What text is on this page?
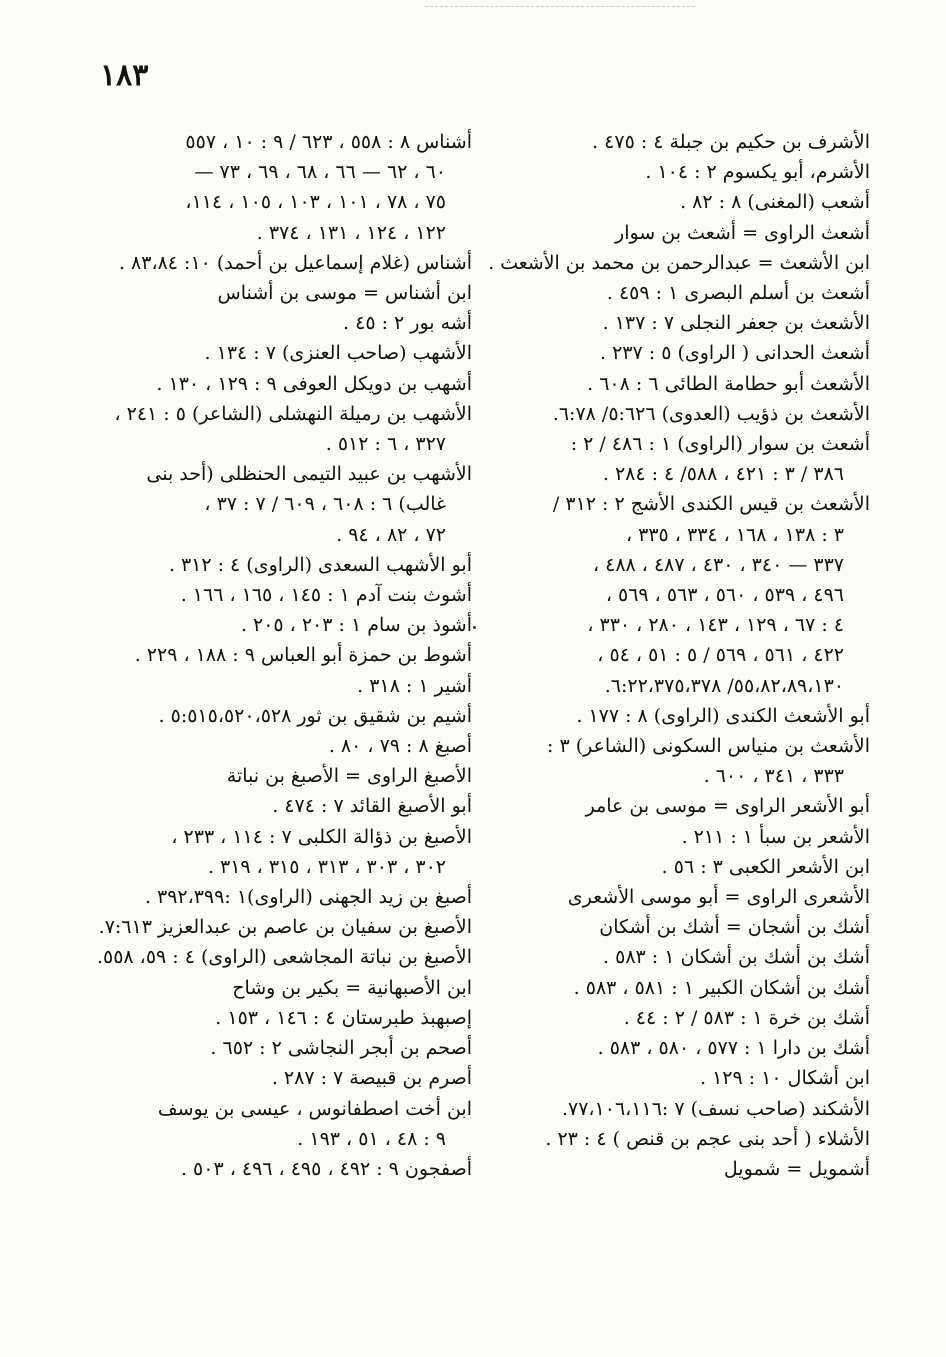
١٨٣
الأشرف بن حكيم بن جبلة ٤ : ٤٧٥ .
الأشرم، أبو يكسوم ٢ : ١٠٤ .
أشعب (المغنى) ٨ : ٨٢ .
أشعث الراوى = أشعث بن سوار
ابن الأشعث = عبدالرحمن بن محمد بن الأشعث .
أشعث بن أسلم البصرى ١ : ٤٥٩ .
الأشعث بن جعفر النجلى ٧ : ١٣٧ .
أشعث الحدانى ( الراوى) ٥ : ٢٣٧ .
الأشعث أبو حطامة الطائى ٦ : ٦٠٨ .
الأشعث بن ذؤيب (العدوى) ٥:٦٢٦/ ٦:٧٨.
أشعث بن سوار (الراوى) ١ : ٤٨٦ / ٢ :
٣٨٦ / ٣ : ٤٢١ ، ٥٨٨/ ٤ : ٢٨٤ .
الأشعث بن قيس الكندى الأشج ٢ : ٣١٢ /
٣ : ١٣٨ ، ١٦٨ ، ٣٣٤ ، ٣٣٥ ،
٣٣٧ — ٣٤٠ ، ٤٣٠ ، ٤٨٧ ، ٤٨٨ ،
٤٩٦ ، ٥٣٩ ، ٥٦٠ ، ٥٦٣ ، ٥٦٩ ،
٤ : ٦٧ ، ١٢٩ ، ١٤٣ ، ٢٨٠ ، ٣٣٠ ،
٤٢٢ ، ٥٦١ ، ٥٦٩ / ٥ : ٥١ ، ٥٤ ،
٥٥،٨٢،٨٩،١٣٠/ ٦:٢٢،٣٧٥،٣٧٨.
أبو الأشعث الكندى (الراوى) ٨ : ١٧٧ .
الأشعث بن منياس السكونى (الشاعر) ٣ :
٣٣٣ ، ٣٤١ ، ٦٠٠ .
أبو الأشعر الراوى = موسى بن عامر
الأشعر بن سبأ ١ : ٢١١ .
ابن الأشعر الكعبى ٣ : ٥٦ .
الأشعرى الراوى = أبو موسى الأشعرى
أشك بن أشجان = أشك بن أشكان
أشك بن أشك بن أشكان ١ : ٥٨٣ .
أشك بن أشكان الكبير ١ : ٥٨١ ، ٥٨٣ .
أشك بن خرة ١ : ٥٨٣ / ٢ : ٤٤ .
أشك بن دارا ١ : ٥٧٧ ، ٥٨٠ ، ٥٨٣ .
ابن أشكال ١٠ : ١٢٩ .
الأشكند (صاحب نسف) ٧ :٧٧،١٠٦،١١٦.
الأشلاء ( أحد بنى عجم بن قنص ) ٤ : ٢٣ .
أشمويل = شمويل
أشناس ٨ : ٥٥٨ ، ٦٢٣ / ٩ : ١٠ ، ٥٥٧
٦٠ ، ٦٢ — ٦٦ ، ٦٨ ، ٦٩ ، ٧٣ —
٧٥ ، ٧٨ ، ١٠١ ، ١٠٣ ، ١٠٥ ، ١١٤،
١٢٢ ، ١٢٤ ، ١٣١ ، ٣٧٤ .
أشناس (غلام إسماعيل بن أحمد) ١٠: ٨٣،٨٤ .
ابن أشناس = موسى بن أشناس
أشه بور ٢ : ٤٥ .
الأشهب (صاحب العنزى) ٧ : ١٣٤ .
أشهب بن دويكل العوفى ٩ : ١٢٩ ، ١٣٠ .
الأشهب بن رميلة النهشلى (الشاعر) ٥ : ٢٤١ ،
٣٢٧ ، ٦ : ٥١٢ .
الأشهب بن عبيد التيمى الحنظلى (أحد بنى
غالب) ٦ : ٦٠٨ ، ٦٠٩ / ٧ : ٣٧ ،
٧٢ ، ٨٢ ، ٩٤ .
أبو الأشهب السعدى (الراوى) ٤ : ٣١٢ .
أشوث بنت آدم ١ : ١٤٥ ، ١٦٥ ، ١٦٦ .
أشوذ بن سام ١ : ٢٠٣ ، ٢٠٥ .
أشوط بن حمزة أبو العباس ٩ : ١٨٨ ، ٢٢٩ .
أشير ١ : ٣١٨ .
أشيم بن شقيق بن ثور ٥:٥١٥،٥٢٠،٥٢٨ .
أصبغ ٨ : ٧٩ ، ٨٠ .
الأصبغ الراوى = الأصبغ بن نباتة
أبو الأصبغ القائد ٧ : ٤٧٤ .
الأصبغ بن ذؤالة الكلبى ٧ : ١١٤ ، ٢٣٣ ،
٣٠٢ ، ٣٠٣ ، ٣١٣ ، ٣١٥ ، ٣١٩ .
أصبغ بن زيد الجهنى (الراوى)١ :٣٩٢،٣٩٩ .
الأصبغ بن سفيان بن عاصم بن عبدالعزيز ٧:٦١٣.
الأصبغ بن نباتة المجاشعى (الراوى) ٤ : ٥٩، ٥٥٨.
ابن الأصبهانية = بكير بن وشاح
إصبهبذ طبرستان ٤ : ١٤٦ ، ١٥٣ .
أصحم بن أبجر النجاشى ٢ : ٦٥٢ .
أصرم بن قبيصة ٧ : ٢٨٧ .
ابن أخت اصطفانوس ، عيسى بن يوسف
٩ : ٤٨ ، ٥١ ، ١٩٣ .
أصفجون ٩ : ٤٩٢ ، ٤٩٥ ، ٤٩٦ ، ٥٠٣ .
